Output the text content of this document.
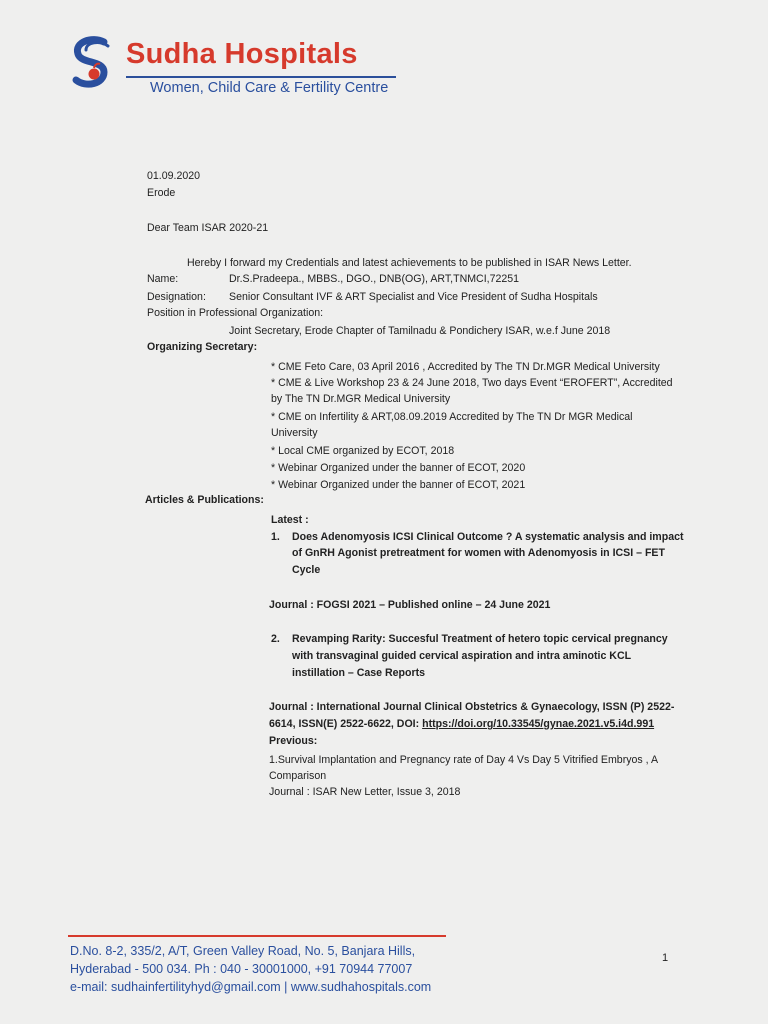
Sudha Hospitals
Women, Child Care & Fertility Centre
01.09.2020
Erode
Dear Team ISAR 2020-21
Hereby I forward my Credentials and latest achievements to be published in ISAR News Letter.
Name:	Dr.S.Pradeepa., MBBS., DGO., DNB(OG), ART,TNMCI,72251
Designation: Senior Consultant IVF & ART Specialist and Vice President of Sudha Hospitals
Position in Professional Organization:
Joint Secretary, Erode Chapter of Tamilnadu & Pondichery ISAR, w.e.f June 2018
Organizing Secretary:
* CME Feto Care, 03 April 2016 , Accredited by The TN Dr.MGR Medical University
* CME & Live Workshop 23 & 24 June 2018, Two days Event “EROFERT”, Accredited
by The TN Dr.MGR Medical University
* CME on Infertility & ART,08.09.2019 Accredited by The TN Dr MGR Medical
University
* Local CME organized by ECOT, 2018
* Webinar Organized under the banner of ECOT, 2020
* Webinar Organized under the banner of ECOT, 2021
Articles & Publications:
Latest :
1. Does Adenomyosis ICSI Clinical Outcome ? A systematic analysis and impact
of GnRH Agonist pretreatment for women with Adenomyosis in ICSI – FET
Cycle
Journal : FOGSI 2021 – Published online – 24 June 2021
2. Revamping Rarity: Succesful Treatment of hetero topic cervical pregnancy
with transvaginal guided cervical aspiration and intra aminotic KCL
instillation – Case Reports
Journal : International Journal Clinical Obstetrics & Gynaecology, ISSN (P) 2522-
6614, ISSN(E) 2522-6622, DOI: https://doi.org/10.33545/gynae.2021.v5.i4d.991
Previous:
1.Survival Implantation and Pregnancy rate of Day 4 Vs Day 5 Vitrified Embryos , A
Comparison
Journal : ISAR New Letter, Issue 3, 2018
D.No. 8-2, 335/2, A/T, Green Valley Road, No. 5, Banjara Hills,
Hyderabad - 500 034. Ph : 040 - 30001000, +91 70944 77007
e-mail: sudhainfertilityhyd@gmail.com | www.sudhahospitals.com
1
